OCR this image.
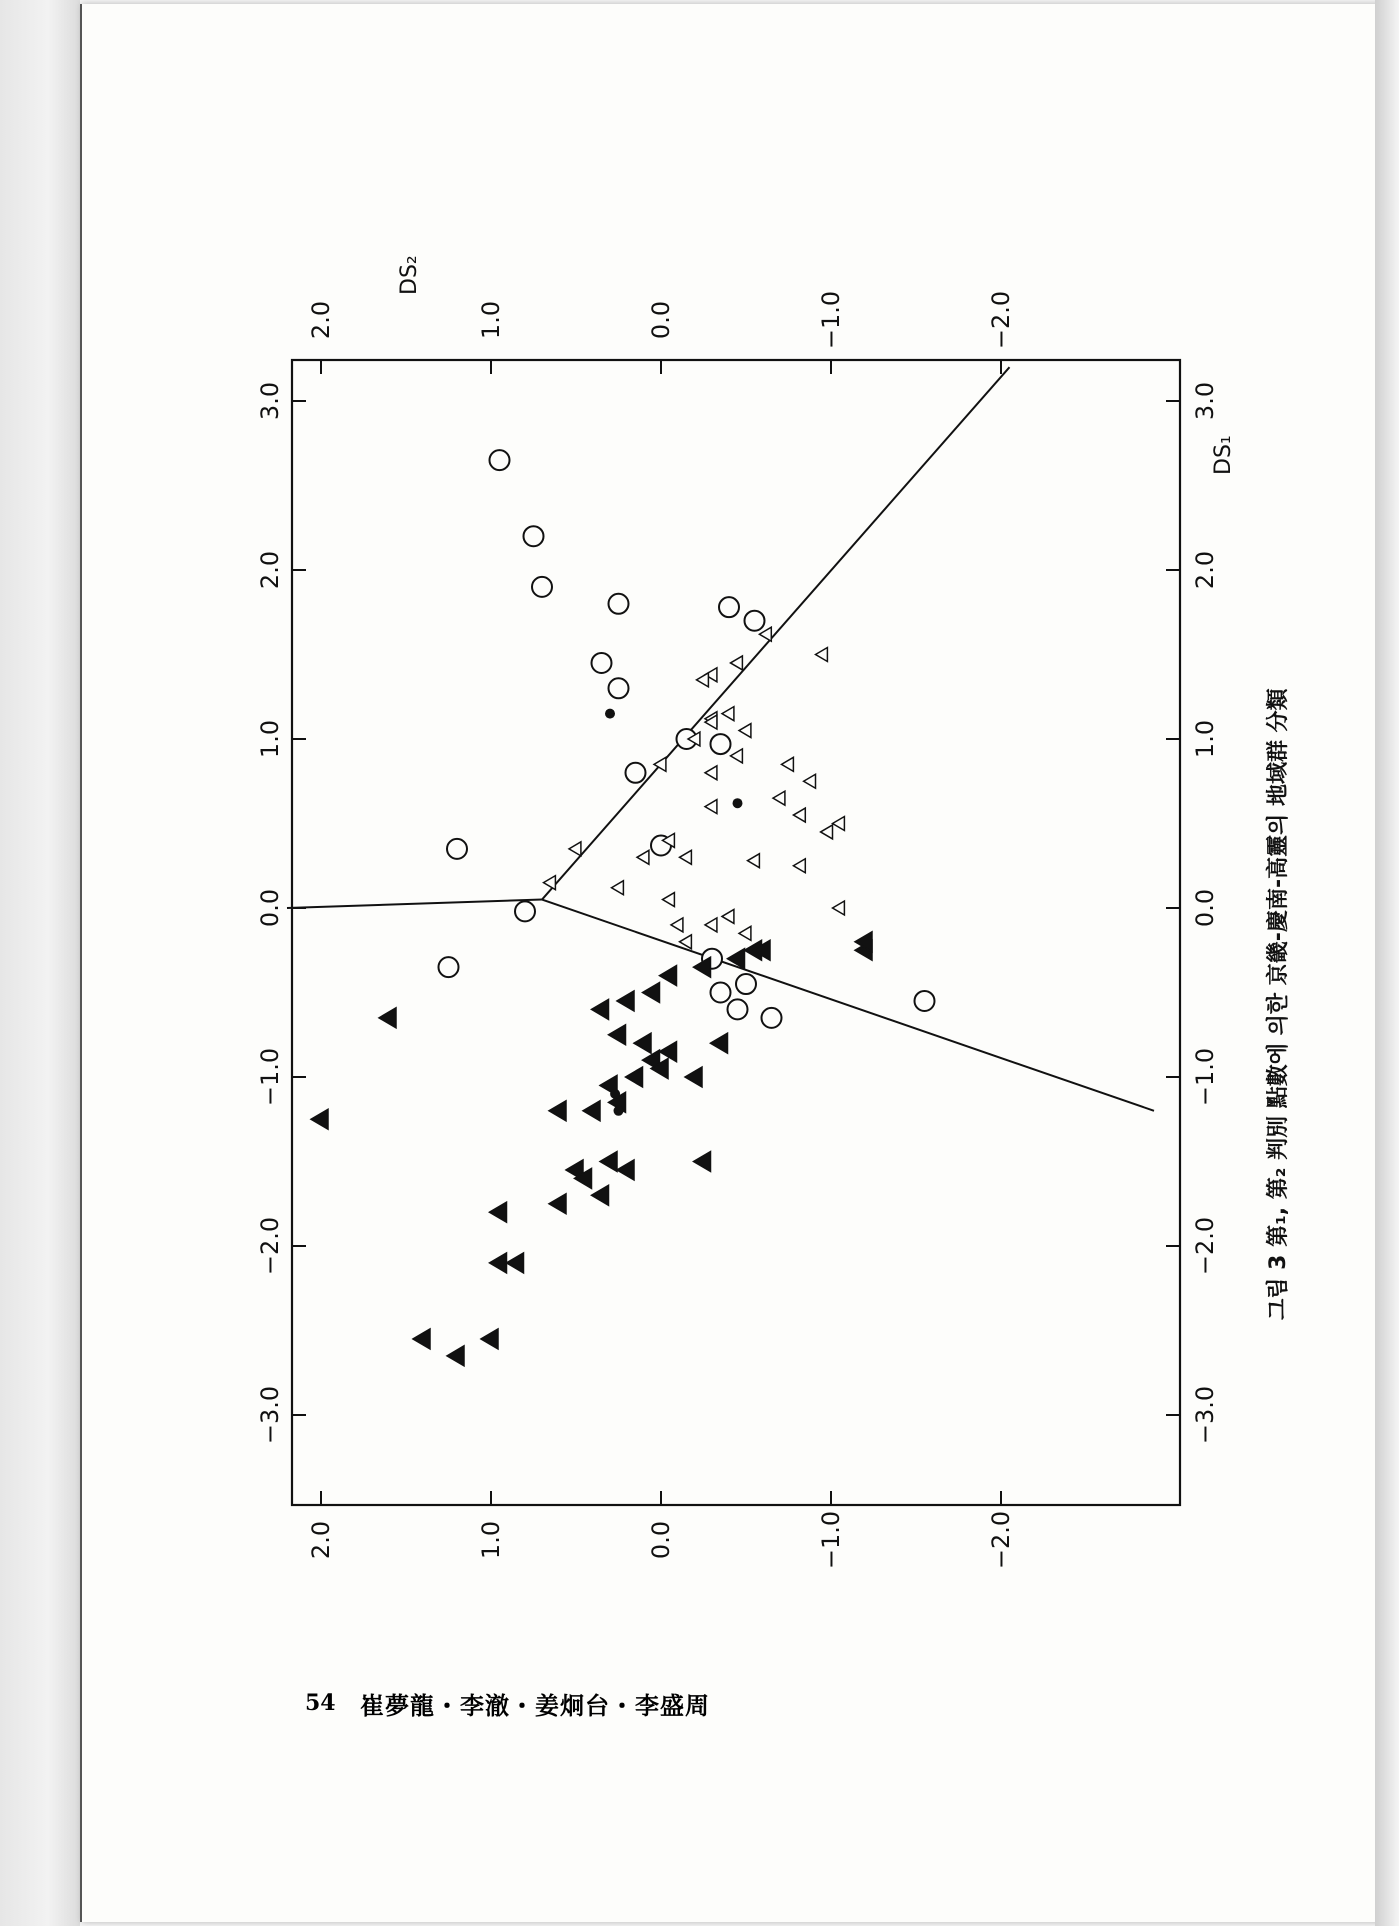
3.0	3.0
2.0	2.0
1.0	1.0
0.0	0.0
−1.0	−1.0
−2.0	−2.0
−3.0	−3.0
2.0
2.0
1.0
1.0
0.0
0.0
−1.0
−1.0
−2.0
−2.0
DS₂
DS₁
그림 3 第₁, 第₂ 判別 點數에 의한 京畿-慶南-高靈의 地域群 分類
54 崔夢龍・李澈・姜炯台・李盛周
